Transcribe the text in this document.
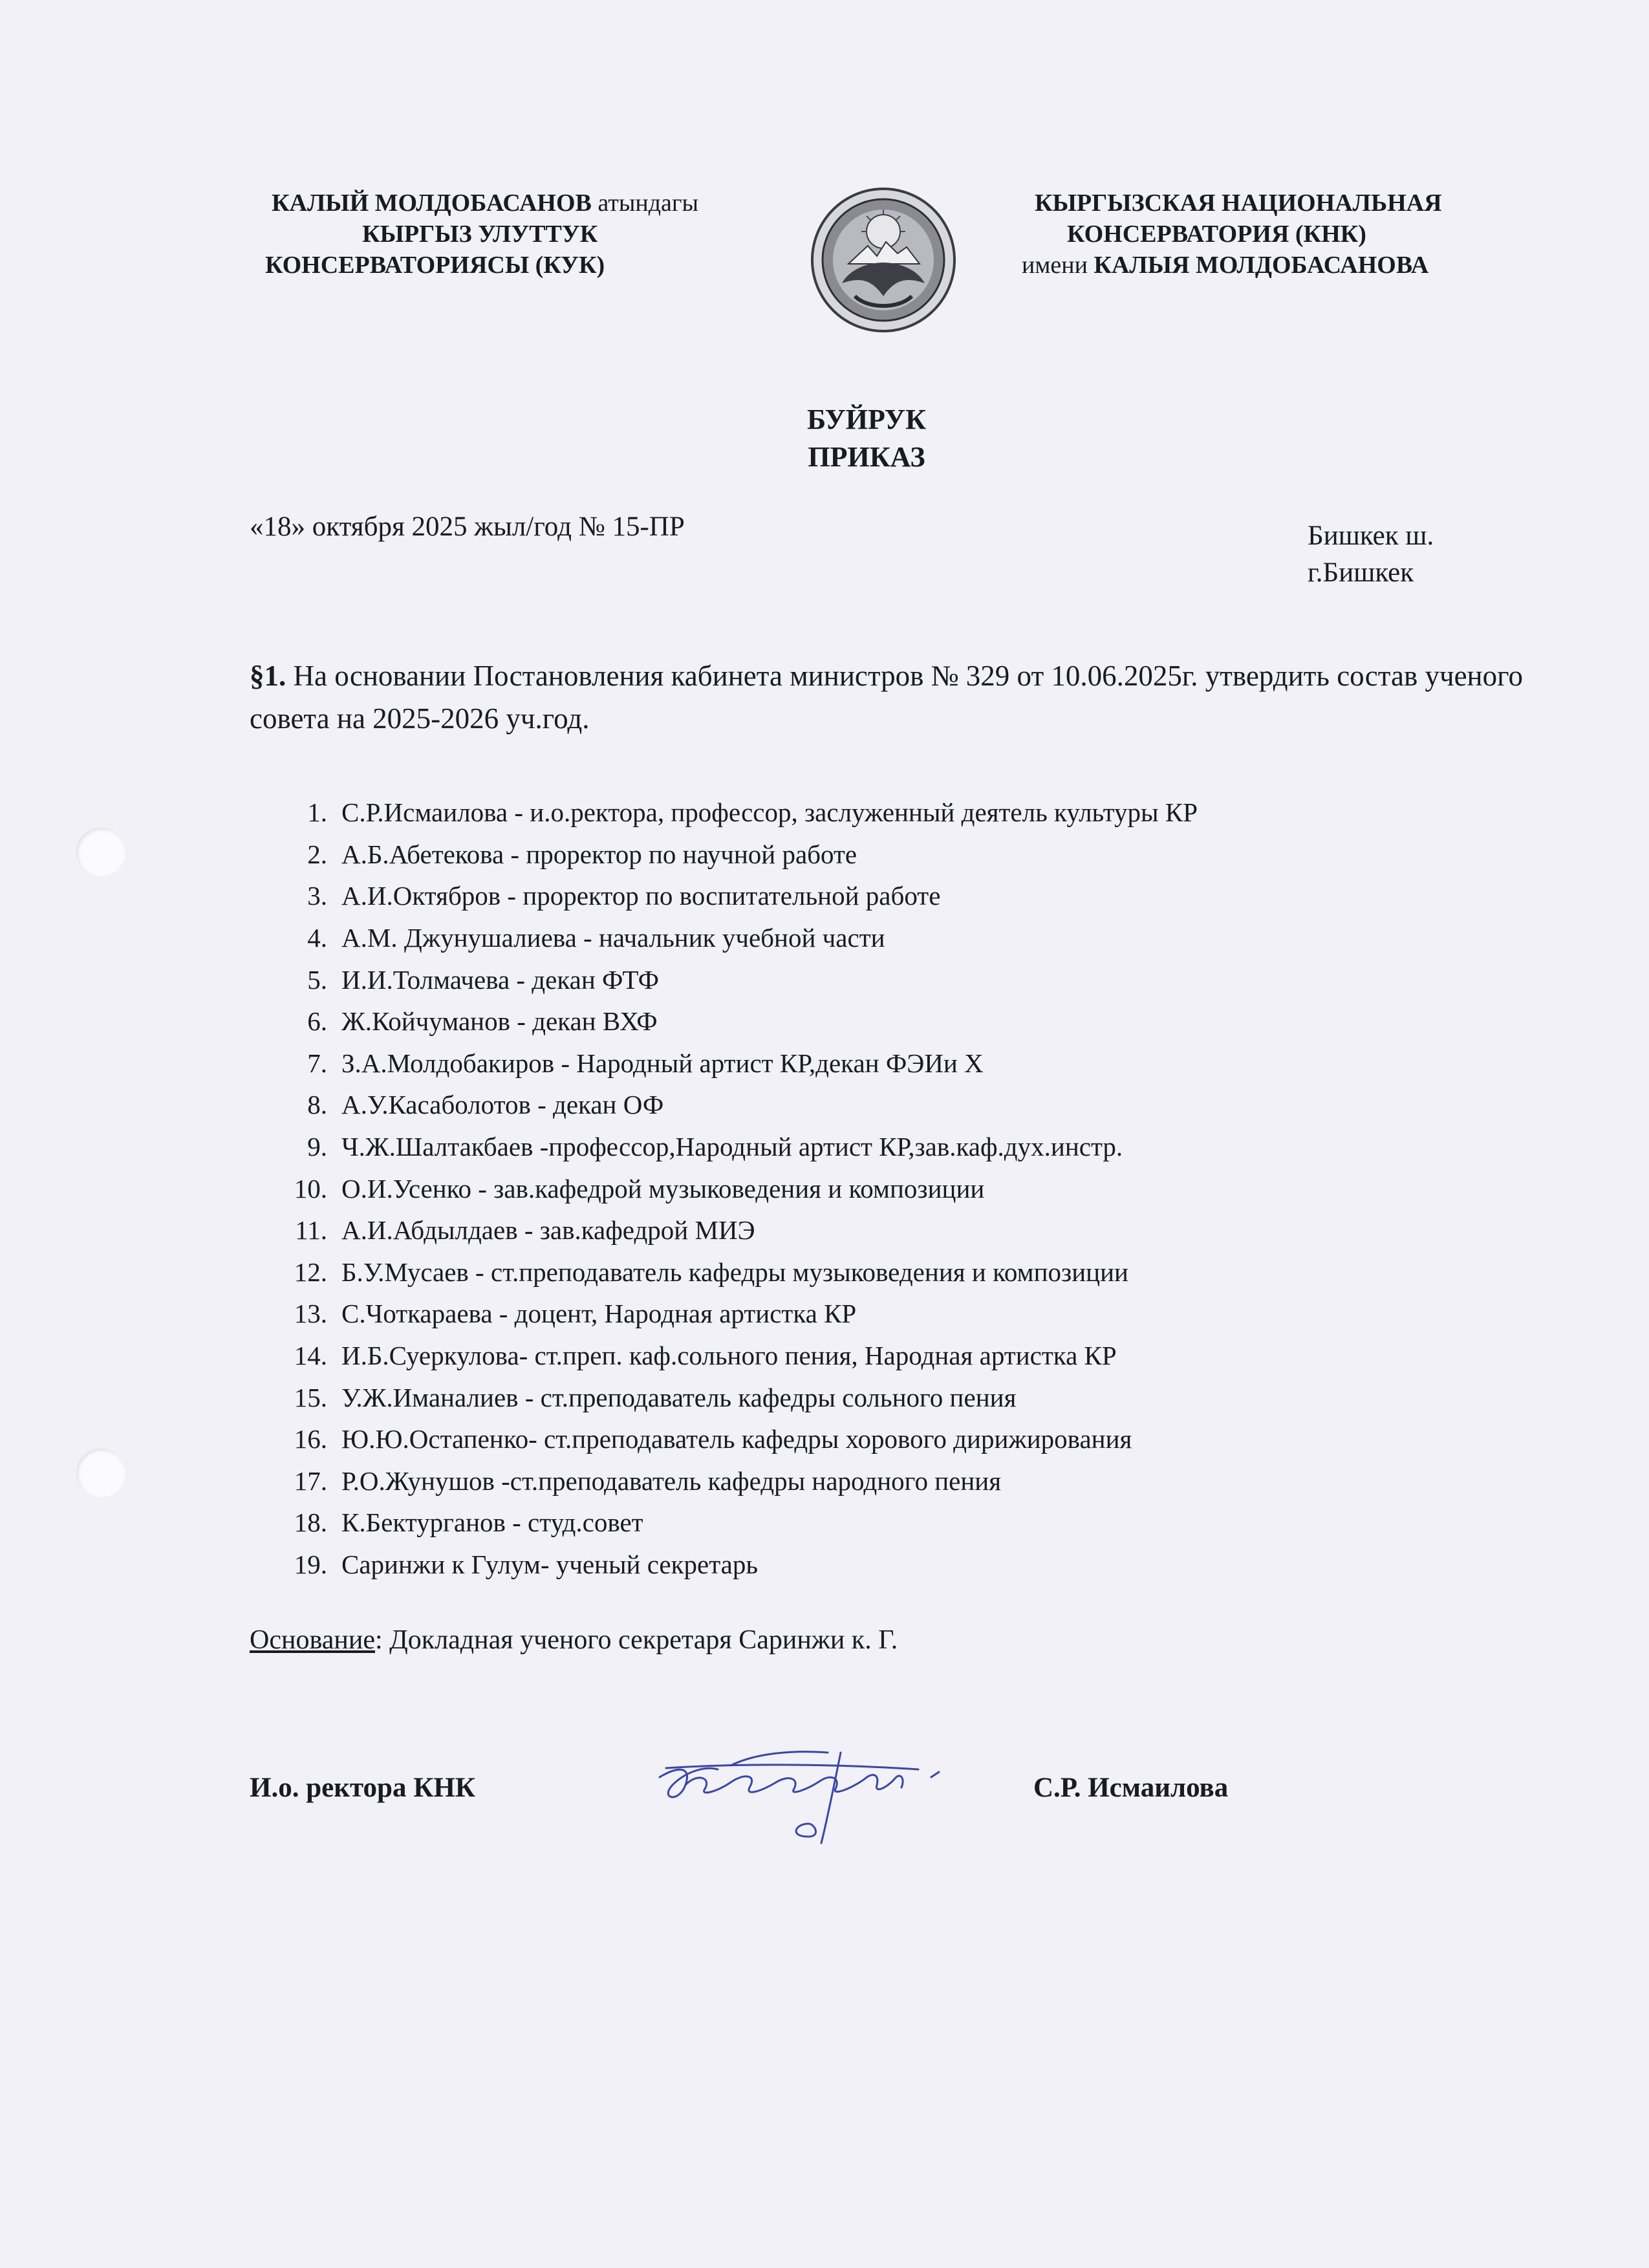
КАЛЫЙ МОЛДОБАСАНОВ атындагы
КЫРГЫЗ УЛУТТУК
КОНСЕРВАТОРИЯСЫ (КУК)
КЫРГЫЗСКАЯ НАЦИОНАЛЬНАЯ
КОНСЕРВАТОРИЯ (КНК)
имени КАЛЫЯ МОЛДОБАСАНОВА
БУЙРУК
ПРИКАЗ
«18» октября 2025 жыл/год № 15-ПР	Бишкек ш.
г.Бишкек
§1. На основании Постановления кабинета министров № 329 от 10.06.2025г. утвердить состав ученого совета на 2025-2026 уч.год.
1. С.Р.Исмаилова - и.о.ректора, профессор, заслуженный деятель культуры КР
2. А.Б.Абетекова - проректор по научной работе
3. А.И.Октябров - проректор по воспитательной работе
4. А.М. Джунушалиева - начальник учебной части
5. И.И.Толмачева - декан ФТФ
6. Ж.Койчуманов - декан ВХФ
7. З.А.Молдобакиров - Народный артист КР,декан ФЭИи Х
8. А.У.Касаболотов - декан ОФ
9. Ч.Ж.Шалтакбаев -профессор,Народный артист КР,зав.каф.дух.инстр.
10. О.И.Усенко - зав.кафедрой музыковедения и композиции
11. А.И.Абдылдаев - зав.кафедрой МИЭ
12. Б.У.Мусаев - ст.преподаватель кафедры музыковедения и композиции
13. С.Чоткараева - доцент, Народная артистка КР
14. И.Б.Суеркулова- ст.преп. каф.сольного пения, Народная артистка КР
15. У.Ж.Иманалиев - ст.преподаватель кафедры сольного пения
16. Ю.Ю.Остапенко- ст.преподаватель кафедры хорового дирижирования
17. Р.О.Жунушов -ст.преподаватель кафедры народного пения
18. К.Бектурганов - студ.совет
19. Саринжи к Гулум- ученый секретарь
Основание: Докладная ученого секретаря Саринжи к. Г.
И.о. ректора КНК	С.Р. Исмаилова
